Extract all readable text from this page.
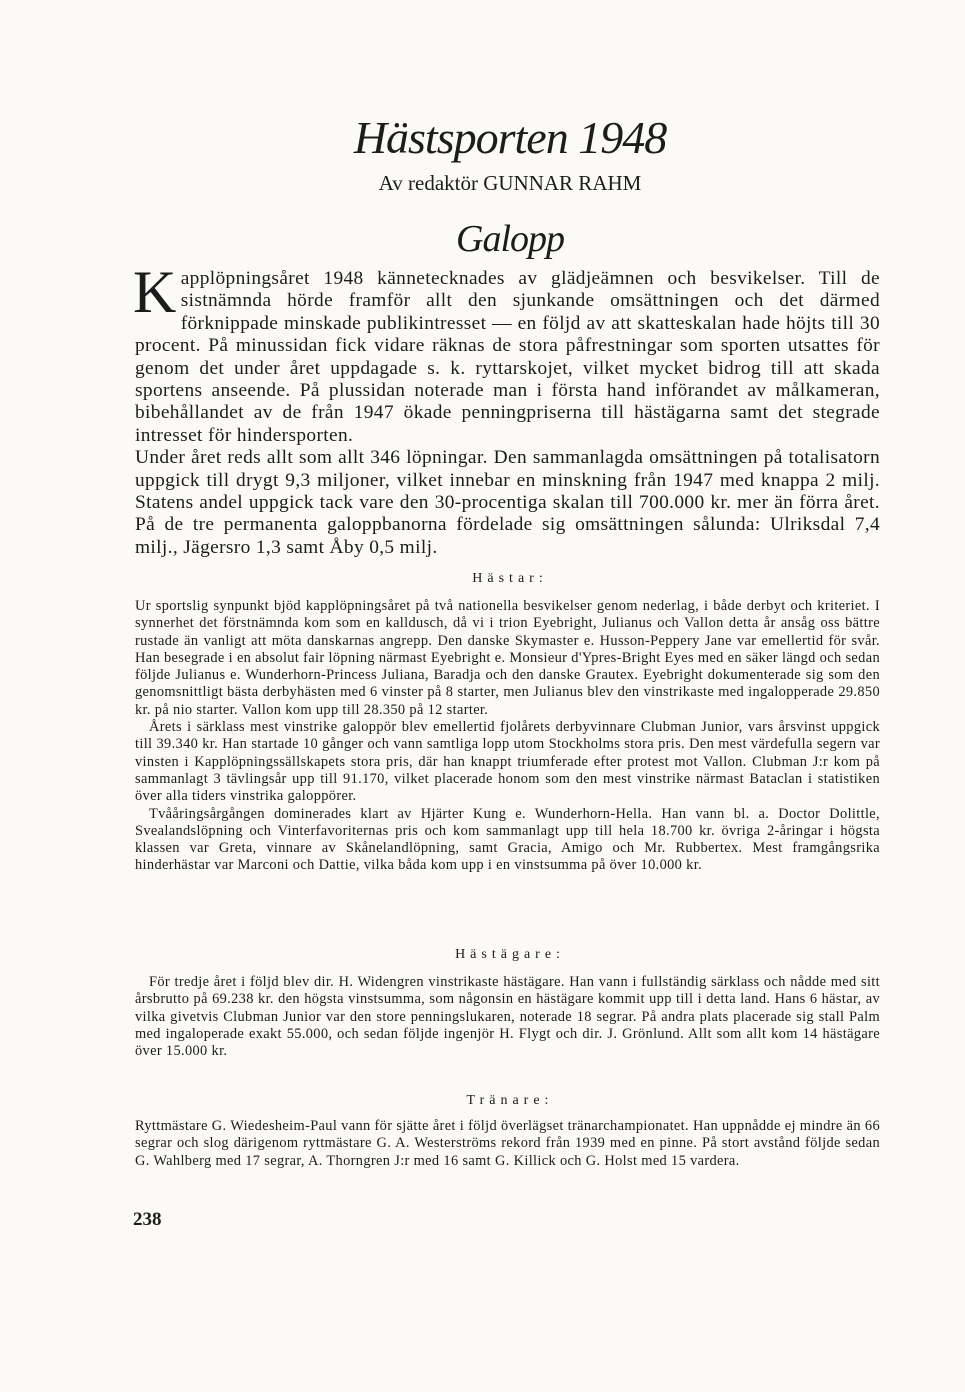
Hästsporten 1948
Av redaktör GUNNAR RAHM
Galopp

Kapplöpningsåret 1948 kännetecknades av glädjeämnen och besvikelser. Till de sistnämnda hörde framför allt den sjunkande omsättningen och det därmed förknippade minskade publikintresset — en följd av att skatteskalan hade höjts till 30 procent. På minussidan fick vidare räknas de stora påfrestningar som sporten utsattes för genom det under året uppdagade s. k. ryttarskojet, vilket mycket bidrog till att skada sportens anseende. På plussidan noterade man i första hand införandet av målkameran, bibehållandet av de från 1947 ökade penningpriserna till hästägarna samt det stegrade intresset för hindersporten.

Under året reds allt som allt 346 löpningar. Den sammanlagda omsättningen på totalisatorn uppgick till drygt 9,3 miljoner, vilket innebar en minskning från 1947 med knappa 2 milj. Statens andel uppgick tack vare den 30-procentiga skalan till 700.000 kr. mer än förra året. På de tre permanenta galoppbanorna fördelade sig omsättningen sålunda: Ulriksdal 7,4 milj., Jägersro 1,3 samt Åby 0,5 milj.

Hästar:

Ur sportslig synpunkt bjöd kapplöpningsåret på två nationella besvikelser genom nederlag, i både derbyt och kriteriet. I synnerhet det förstnämnda kom som en kalldusch, då vi i trion Eyebright, Julianus och Vallon detta år ansåg oss bättre rustade än vanligt att möta danskarnas angrepp. Den danske Skymaster e. Husson-Peppery Jane var emellertid för svår. Han besegrade i en absolut fair löpning närmast Eyebright e. Monsieur d'Ypres-Bright Eyes med en säker längd och sedan följde Julianus e. Wunderhorn-Princess Juliana, Baradja och den danske Grautex. Eyebright dokumenterade sig som den genomsnittligt bästa derbyhästen med 6 vinster på 8 starter, men Julianus blev den vinstrikaste med ingalopperade 29.850 kr. på nio starter. Vallon kom upp till 28.350 på 12 starter.

Årets i särklass mest vinstrike galoppör blev emellertid fjolårets derbyvinnare Clubman Junior, vars årsvinst uppgick till 39.340 kr. Han startade 10 gånger och vann samtliga lopp utom Stockholms stora pris. Den mest värdefulla segern var vinsten i Kapplöpningssällskapets stora pris, där han knappt triumferade efter protest mot Vallon. Clubman J:r kom på sammanlagt 3 tävlingsår upp till 91.170, vilket placerade honom som den mest vinstrike närmast Bataclan i statistiken över alla tiders vinstrika galoppörer.

Tvååringsårgången dominerades klart av Hjärter Kung e. Wunderhorn-Hella. Han vann bl. a. Doctor Dolittle, Svealandslöpning och Vinterfavoriternas pris och kom sammanlagt upp till hela 18.700 kr. övriga 2-åringar i högsta klassen var Greta, vinnare av Skånelandlöpning, samt Gracia, Amigo och Mr. Rubbertex. Mest framgångsrika hinderhästar var Marconi och Dattie, vilka båda kom upp i en vinstsumma på över 10.000 kr.

Hästägare:

För tredje året i följd blev dir. H. Widengren vinstrikaste hästägare. Han vann i fullständig särklass och nådde med sitt årsbrutto på 69.238 kr. den högsta vinstsumma, som någonsin en hästägare kommit upp till i detta land. Hans 6 hästar, av vilka givetvis Clubman Junior var den store penningslukaren, noterade 18 segrar. På andra plats placerade sig stall Palm med ingaloperade exakt 55.000, och sedan följde ingenjör H. Flygt och dir. J. Grönlund. Allt som allt kom 14 hästägare över 15.000 kr.

Tränare:

Ryttmästare G. Wiedesheim-Paul vann för sjätte året i följd överlägset tränarchampionatet. Han uppnådde ej mindre än 66 segrar och slog därigenom ryttmästare G. A. Westerströms rekord från 1939 med en pinne. På stort avstånd följde sedan G. Wahlberg med 17 segrar, A. Thorngren J:r med 16 samt G. Killick och G. Holst med 15 vardera.

238
